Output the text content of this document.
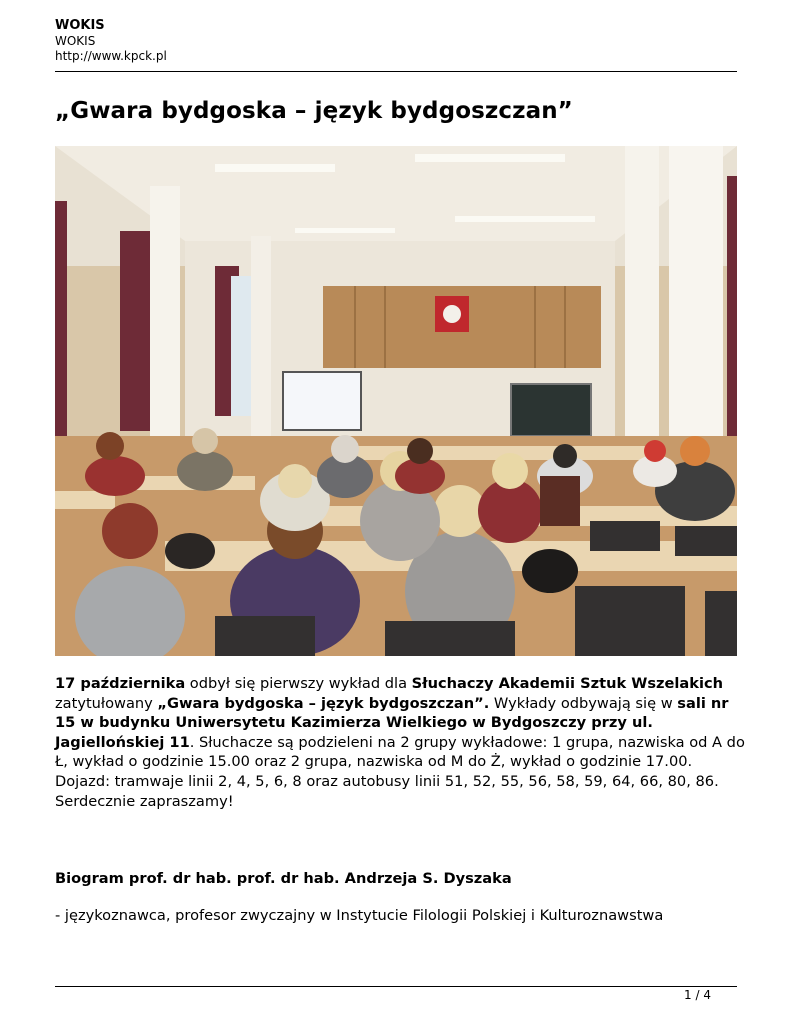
WOKIS
WOKIS
http://www.kpck.pl
„Gwara bydgoska – język bydgoszczan”
17 października odbył się pierwszy wykład dla Słuchaczy Akademii Sztuk Wszelakich zatytułowany „Gwara bydgoska – język bydgoszczan”. Wykłady odbywają się w sali nr 15 w budynku Uniwersytetu Kazimierza Wielkiego w Bydgoszczy przy ul. Jagiellońskiej 11. Słuchacze są podzieleni na 2 grupy wykładowe: 1 grupa, nazwiska od A do Ł, wykład o godzinie 15.00 oraz 2 grupa, nazwiska od M do Ż, wykład o godzinie 17.00. Dojazd: tramwaje linii 2, 4, 5, 6, 8 oraz autobusy linii 51, 52, 55, 56, 58, 59, 64, 66, 80, 86. Serdecznie zapraszamy!
Biogram prof. dr hab. prof. dr hab. Andrzeja S. Dyszaka
- językoznawca, profesor zwyczajny w Instytucie Filologii Polskiej i Kulturoznawstwa
1 / 4
